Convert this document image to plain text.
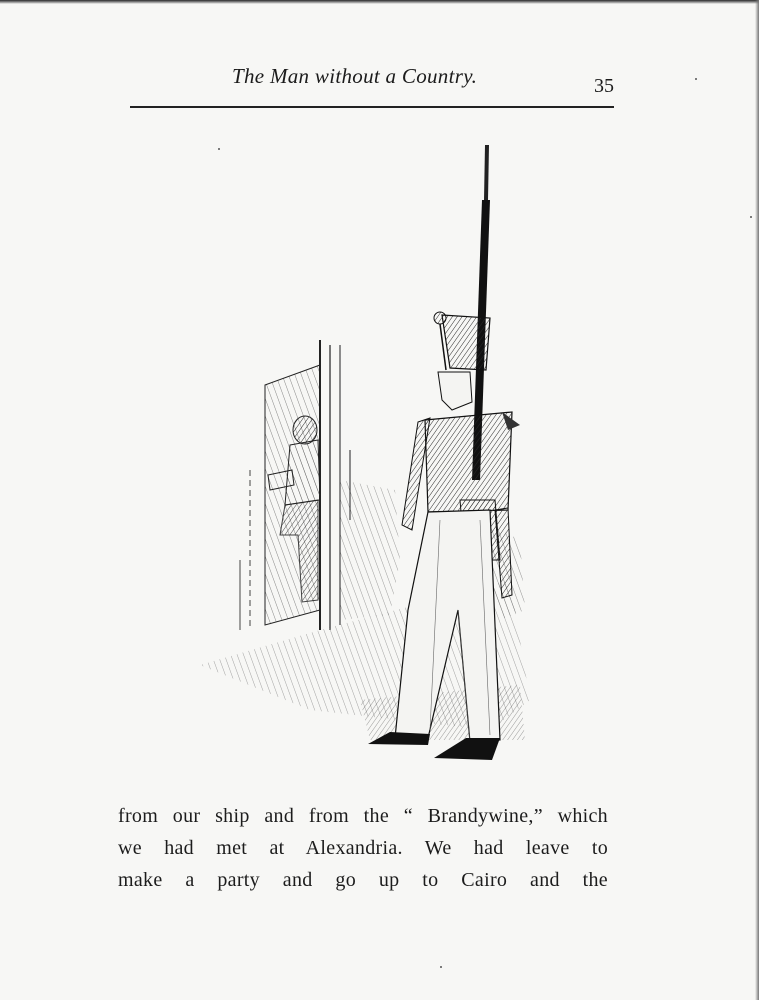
The Man without a Country.	35
from our ship and from the “ Brandywine,” which
we had met at Alexandria. We had leave to
make a party and go up to Cairo and the
